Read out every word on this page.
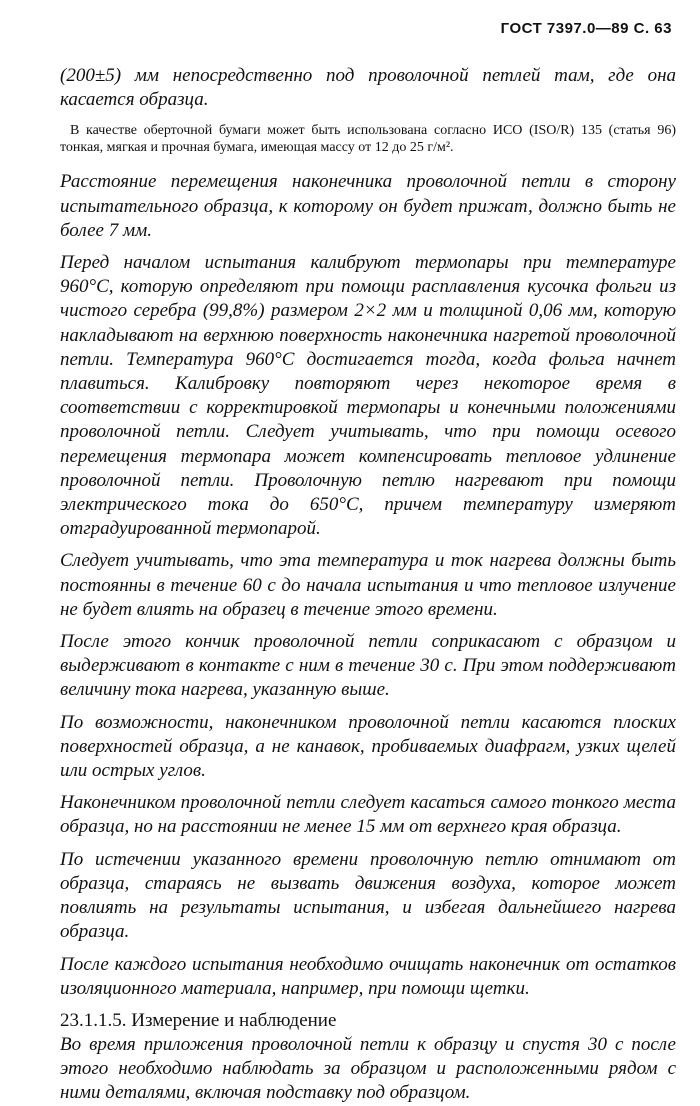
ГОСТ 7397.0—89 С. 63

(200±5) мм непосредственно под проволочной петлей там, где она касается образца.

В качестве оберточной бумаги может быть использована согласно ИСО (ISO/R) 135 (статья 96) тонкая, мягкая и прочная бумага, имеющая массу от 12 до 25 г/м².

Расстояние перемещения наконечника проволочной петли в сторону испытательного образца, к которому он будет прижат, должно быть не более 7 мм.

Перед началом испытания калибруют термопары при температуре 960°С, которую определяют при помощи расплавления кусочка фольги из чистого серебра (99,8%) размером 2×2 мм и толщиной 0,06 мм, которую накладывают на верхнюю поверхность наконечника нагретой проволочной петли. Температура 960°С достигается тогда, когда фольга начнет плавиться. Калибровку повторяют через некоторое время в соответствии с корректировкой термопары и конечными положениями проволочной петли. Следует учитывать, что при помощи осевого перемещения термопара может компенсировать тепловое удлинение проволочной петли. Проволочную петлю нагревают при помощи электрического тока до 650°С, причем температуру измеряют отградуированной термопарой.

Следует учитывать, что эта температура и ток нагрева должны быть постоянны в течение 60 с до начала испытания и что тепловое излучение не будет влиять на образец в течение этого времени.

После этого кончик проволочной петли соприкасают с образцом и выдерживают в контакте с ним в течение 30 с. При этом поддерживают величину тока нагрева, указанную выше.

По возможности, наконечником проволочной петли касаются плоских поверхностей образца, а не канавок, пробиваемых диафрагм, узких щелей или острых углов.

Наконечником проволочной петли следует касаться самого тонкого места образца, но на расстоянии не менее 15 мм от верхнего края образца.

По истечении указанного времени проволочную петлю отнимают от образца, стараясь не вызвать движения воздуха, которое может повлиять на результаты испытания, и избегая дальнейшего нагрева образца.

После каждого испытания необходимо очищать наконечник от остатков изоляционного материала, например, при помощи щетки.

23.1.1.5. Измерение и наблюдение

Во время приложения проволочной петли к образцу и спустя 30 с после этого необходимо наблюдать за образцом и расположенными рядом с ними деталями, включая подставку под образцом.
